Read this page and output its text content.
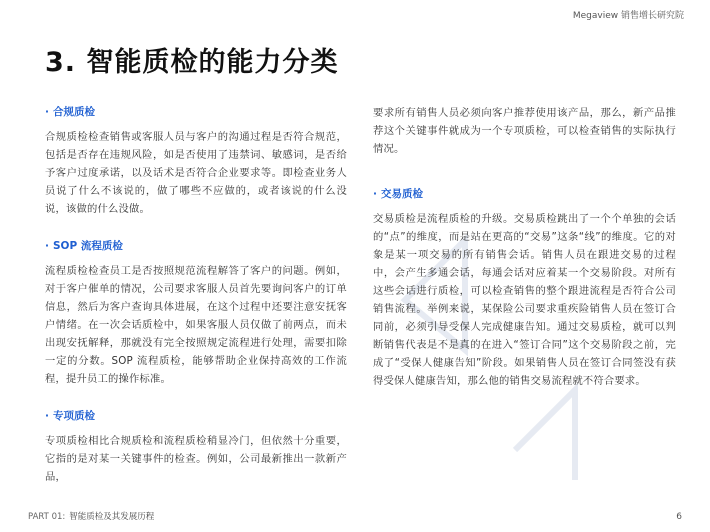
Megaview 销售增长研究院
3. 智能质检的能力分类
· 合规质检

合规质检检查销售或客服人员与客户的沟通过程是否符合规范，包括是否存在违规风险，如是否使用了违禁词、敏感词，是否给予客户过度承诺，以及话术是否符合企业要求等。即检查业务人员说了什么不该说的，做了哪些不应做的，或者该说的什么没说，该做的什么没做。

· SOP 流程质检

流程质检检查员工是否按照规范流程解答了客户的问题。例如，对于客户催单的情况，公司要求客服人员首先要询问客户的订单信息，然后为客户查询具体进展，在这个过程中还要注意安抚客户情绪。在一次会话质检中，如果客服人员仅做了前两点，而未出现安抚解释，那就没有完全按照规定流程进行处理，需要扣除一定的分数。SOP 流程质检，能够帮助企业保持高效的工作流程，提升员工的操作标准。

· 专项质检

专项质检相比合规质检和流程质检稍显冷门，但依然十分重要，它指的是对某一关键事件的检查。例如，公司最新推出一款新产品，

要求所有销售人员必须向客户推荐使用该产品，那么，新产品推荐这个关键事件就成为一个专项质检，可以检查销售的实际执行情况。

· 交易质检

交易质检是流程质检的升级。交易质检跳出了一个个单独的会话的“点”的维度，而是站在更高的“交易”这条“线”的维度。它的对象是某一项交易的所有销售会话。销售人员在跟进交易的过程中，会产生多通会话，每通会话对应着某一个交易阶段。对所有这些会话进行质检，可以检查销售的整个跟进流程是否符合公司销售流程。举例来说，某保险公司要求重疾险销售人员在签订合同前，必须引导受保人完成健康告知。通过交易质检，就可以判断销售代表是不是真的在进入“签订合同”这个交易阶段之前，完成了“受保人健康告知”阶段。如果销售人员在签订合同签没有获得受保人健康告知，那么他的销售交易流程就不符合要求。

PART 01: 智能质检及其发展历程	6
